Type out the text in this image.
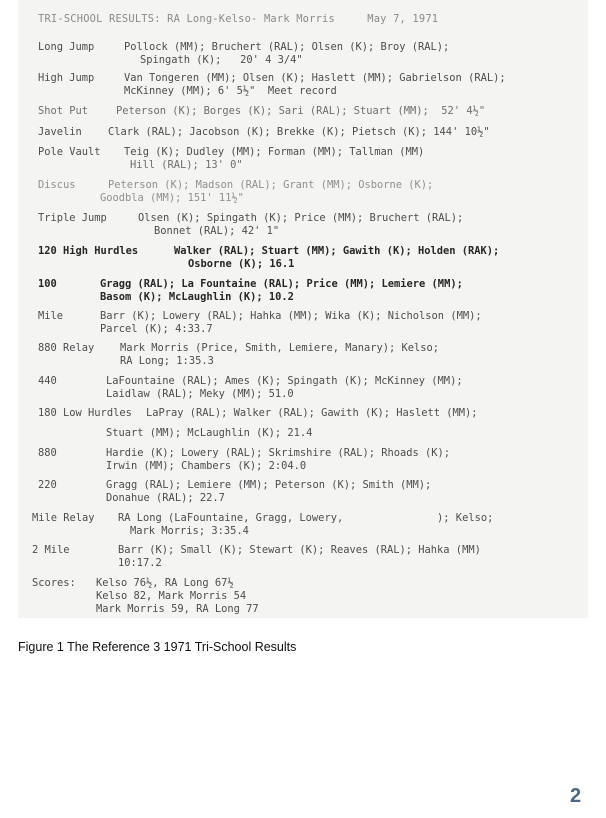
TRI-SCHOOL RESULTS: RA Long-Kelso- Mark Morris     May 7, 1971
Long Jump	Pollock (MM); Bruchert (RAL); Olsen (K); Broy (RAL);
Spingath (K);   20' 4 3/4"
High Jump	Van Tongeren (MM); Olsen (K); Haslett (MM); Gabrielson (RAL);
McKinney (MM); 6' 5½"  Meet record
Shot Put	Peterson (K); Borges (K); Sari (RAL); Stuart (MM);  52' 4½"
Javelin	Clark (RAL); Jacobson (K); Brekke (K); Pietsch (K); 144' 10½"
Pole Vault Teig (K); Dudley (MM); Forman (MM); Tallman (MM)
Hill (RAL); 13' 0"
Discus	Peterson (K); Madson (RAL); Grant (MM); Osborne (K);
Goodbla (MM); 151' 11½"
Triple Jump	Olsen (K); Spingath (K); Price (MM); Bruchert (RAL);
Bonnet (RAL); 42' 1"
120 High Hurdles	Walker (RAL); Stuart (MM); Gawith (K); Holden (RAK);
Osborne (K); 16.1
100	Gragg (RAL); La Fountaine (RAL); Price (MM); Lemiere (MM);
Basom (K); McLaughlin (K); 10.2
Mile	Barr (K); Lowery (RAL); Hahka (MM); Wika (K); Nicholson (MM);
Parcel (K); 4:33.7
880 Relay Mark Morris (Price, Smith, Lemiere, Manary); Kelso;
RA Long; 1:35.3
440	LaFountaine (RAL); Ames (K); Spingath (K); McKinney (MM);
Laidlaw (RAL); Meky (MM); 51.0
180 Low Hurdles LaPray (RAL); Walker (RAL); Gawith (K); Haslett (MM);
Stuart (MM); McLaughlin (K); 21.4
880	Hardie (K); Lowery (RAL); Skrimshire (RAL); Rhoads (K);
Irwin (MM); Chambers (K); 2:04.0
220	Gragg (RAL); Lemiere (MM); Peterson (K); Smith (MM);
Donahue (RAL); 22.7
Mile Relay RA Long (LaFountaine, Gragg, Lowery,               ); Kelso;
Mark Morris; 3:35.4
2 Mile	Barr (K); Small (K); Stewart (K); Reaves (RAL); Hahka (MM)
10:17.2
Scores: Kelso 76½, RA Long 67½
Kelso 82, Mark Morris 54
Mark Morris 59, RA Long 77
Figure 1 The Reference 3 1971 Tri-School Results
2
